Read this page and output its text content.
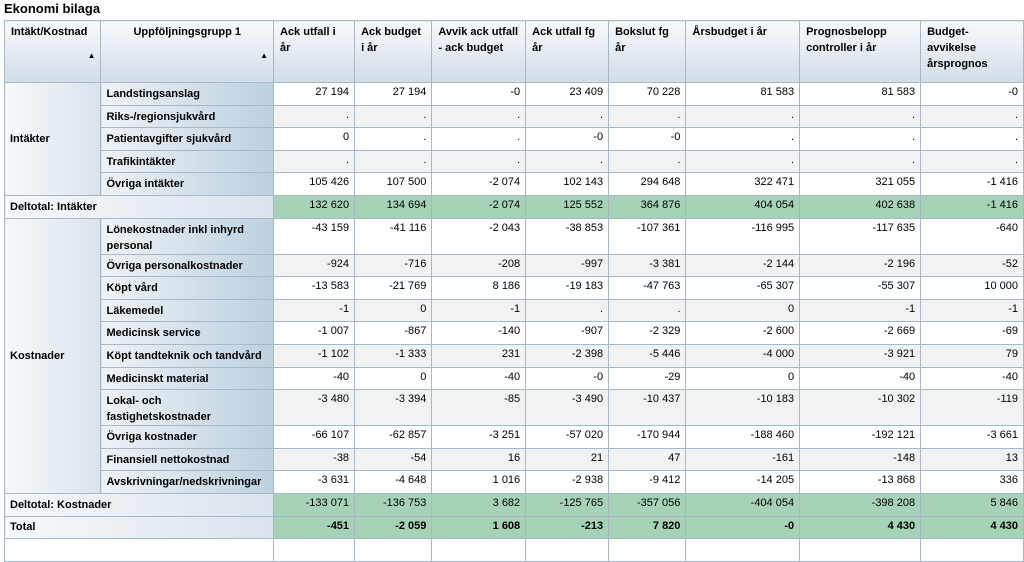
Ekonomi bilaga
Intäkt/Kostnad
▲	Uppföljningsgrupp 1
▲	Ack utfall i år	Ack budget i år	Avvik ack utfall - ack budget	Ack utfall fg år	Bokslut fg år	Årsbudget i år	Prognosbelopp controller i år	Budget-avvikelse årsprognos
Intäkter	Landstingsanslag	27 194	27 194	-0	23 409	70 228	81 583	81 583	-0
	Riks-/regionsjukvård	.	.	.	.	.	.	.	.
	Patientavgifter sjukvård	0	.	.	-0	-0	.	.	.
	Trafikintäkter	.	.	.	.	.	.	.	.
	Övriga intäkter	105 426	107 500	-2 074	102 143	294 648	322 471	321 055	-1 416
Deltotal: Intäkter		132 620	134 694	-2 074	125 552	364 876	404 054	402 638	-1 416
Kostnader	Lönekostnader inkl inhyrd personal	-43 159	-41 116	-2 043	-38 853	-107 361	-116 995	-117 635	-640
	Övriga personalkostnader	-924	-716	-208	-997	-3 381	-2 144	-2 196	-52
	Köpt vård	-13 583	-21 769	8 186	-19 183	-47 763	-65 307	-55 307	10 000
	Läkemedel	-1	0	-1	.	.	0	-1	-1
	Medicinsk service	-1 007	-867	-140	-907	-2 329	-2 600	-2 669	-69
	Köpt tandteknik och tandvård	-1 102	-1 333	231	-2 398	-5 446	-4 000	-3 921	79
	Medicinskt material	-40	0	-40	-0	-29	0	-40	-40
	Lokal- och fastighetskostnader	-3 480	-3 394	-85	-3 490	-10 437	-10 183	-10 302	-119
	Övriga kostnader	-66 107	-62 857	-3 251	-57 020	-170 944	-188 460	-192 121	-3 661
	Finansiell nettokostnad	-38	-54	16	21	47	-161	-148	13
	Avskrivningar/nedskrivningar	-3 631	-4 648	1 016	-2 938	-9 412	-14 205	-13 868	336
Deltotal: Kostnader		-133 071	-136 753	3 682	-125 765	-357 056	-404 054	-398 208	5 846
Total		-451	-2 059	1 608	-213	7 820	-0	4 430	4 430
